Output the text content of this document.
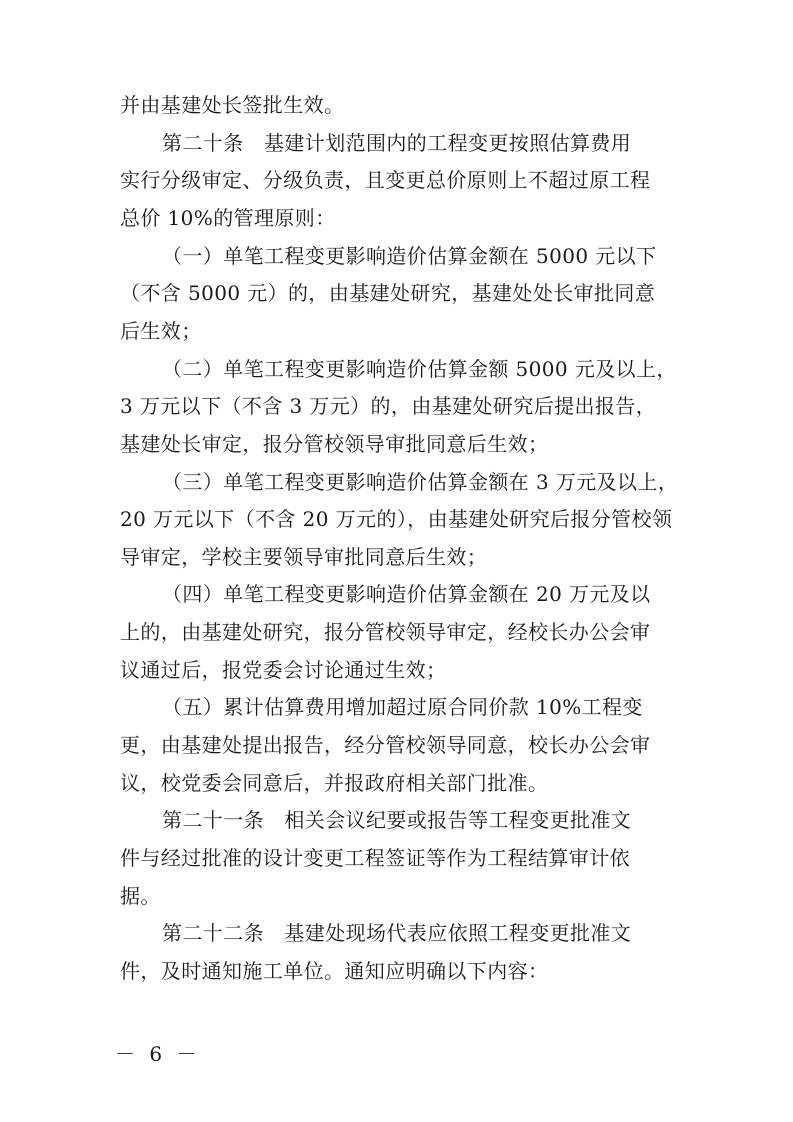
并由基建处长签批生效。
第二十条　基建计划范围内的工程变更按照估算费用
实行分级审定、分级负责，且变更总价原则上不超过原工程
总价 10%的管理原则：
（一）单笔工程变更影响造价估算金额在 5000 元以下
（不含 5000 元）的，由基建处研究，基建处处长审批同意
后生效；
（二）单笔工程变更影响造价估算金额 5000 元及以上，
3 万元以下（不含 3 万元）的，由基建处研究后提出报告，
基建处长审定，报分管校领导审批同意后生效；
（三）单笔工程变更影响造价估算金额在 3 万元及以上，
20 万元以下（不含 20 万元的），由基建处研究后报分管校领
导审定，学校主要领导审批同意后生效；
（四）单笔工程变更影响造价估算金额在 20 万元及以
上的，由基建处研究，报分管校领导审定，经校长办公会审
议通过后，报党委会讨论通过生效；
（五）累计估算费用增加超过原合同价款 10%工程变
更，由基建处提出报告，经分管校领导同意，校长办公会审
议，校党委会同意后，并报政府相关部门批准。
第二十一条　相关会议纪要或报告等工程变更批准文
件与经过批准的设计变更工程签证等作为工程结算审计依
据。
第二十二条　基建处现场代表应依照工程变更批准文
件，及时通知施工单位。通知应明确以下内容：
－ 6 －
